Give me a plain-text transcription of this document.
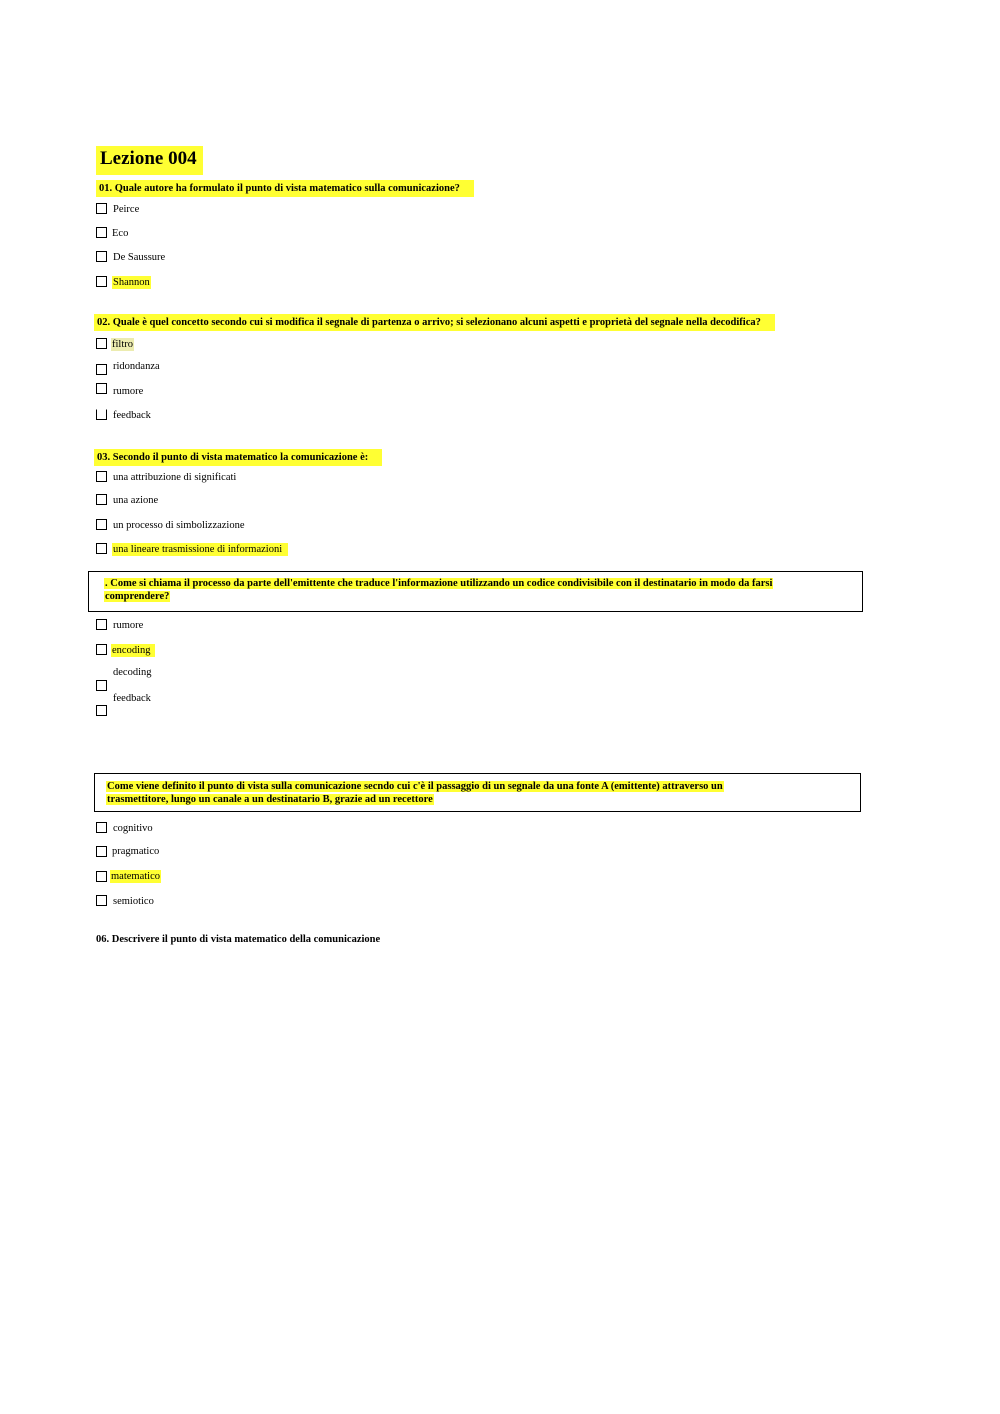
Lezione 004
01. Quale autore ha formulato il punto di vista matematico sulla comunicazione?
Peirce
Eco
De Saussure
Shannon
02. Quale è quel concetto secondo cui si modifica il segnale di partenza o arrivo; si selezionano alcuni aspetti e proprietà del segnale nella decodifica?
filtro
ridondanza
rumore
feedback
03. Secondo il punto di vista matematico la comunicazione è:
una attribuzione di significati
una azione
un processo di simbolizzazione
una lineare trasmissione di informazioni
. Come si chiama il processo da parte dell'emittente che traduce l'informazione utilizzando un codice condivisibile con il destinatario in modo da farsi
comprendere?
rumore
encoding
decoding
feedback
Come viene definito il punto di vista sulla comunicazione secndo cui c'è il passaggio di un segnale da una fonte A (emittente) attraverso un
trasmettitore, lungo un canale a un destinatario B, grazie ad un recettore
cognitivo
pragmatico
matematico
semiotico
06. Descrivere il punto di vista matematico della comunicazione
